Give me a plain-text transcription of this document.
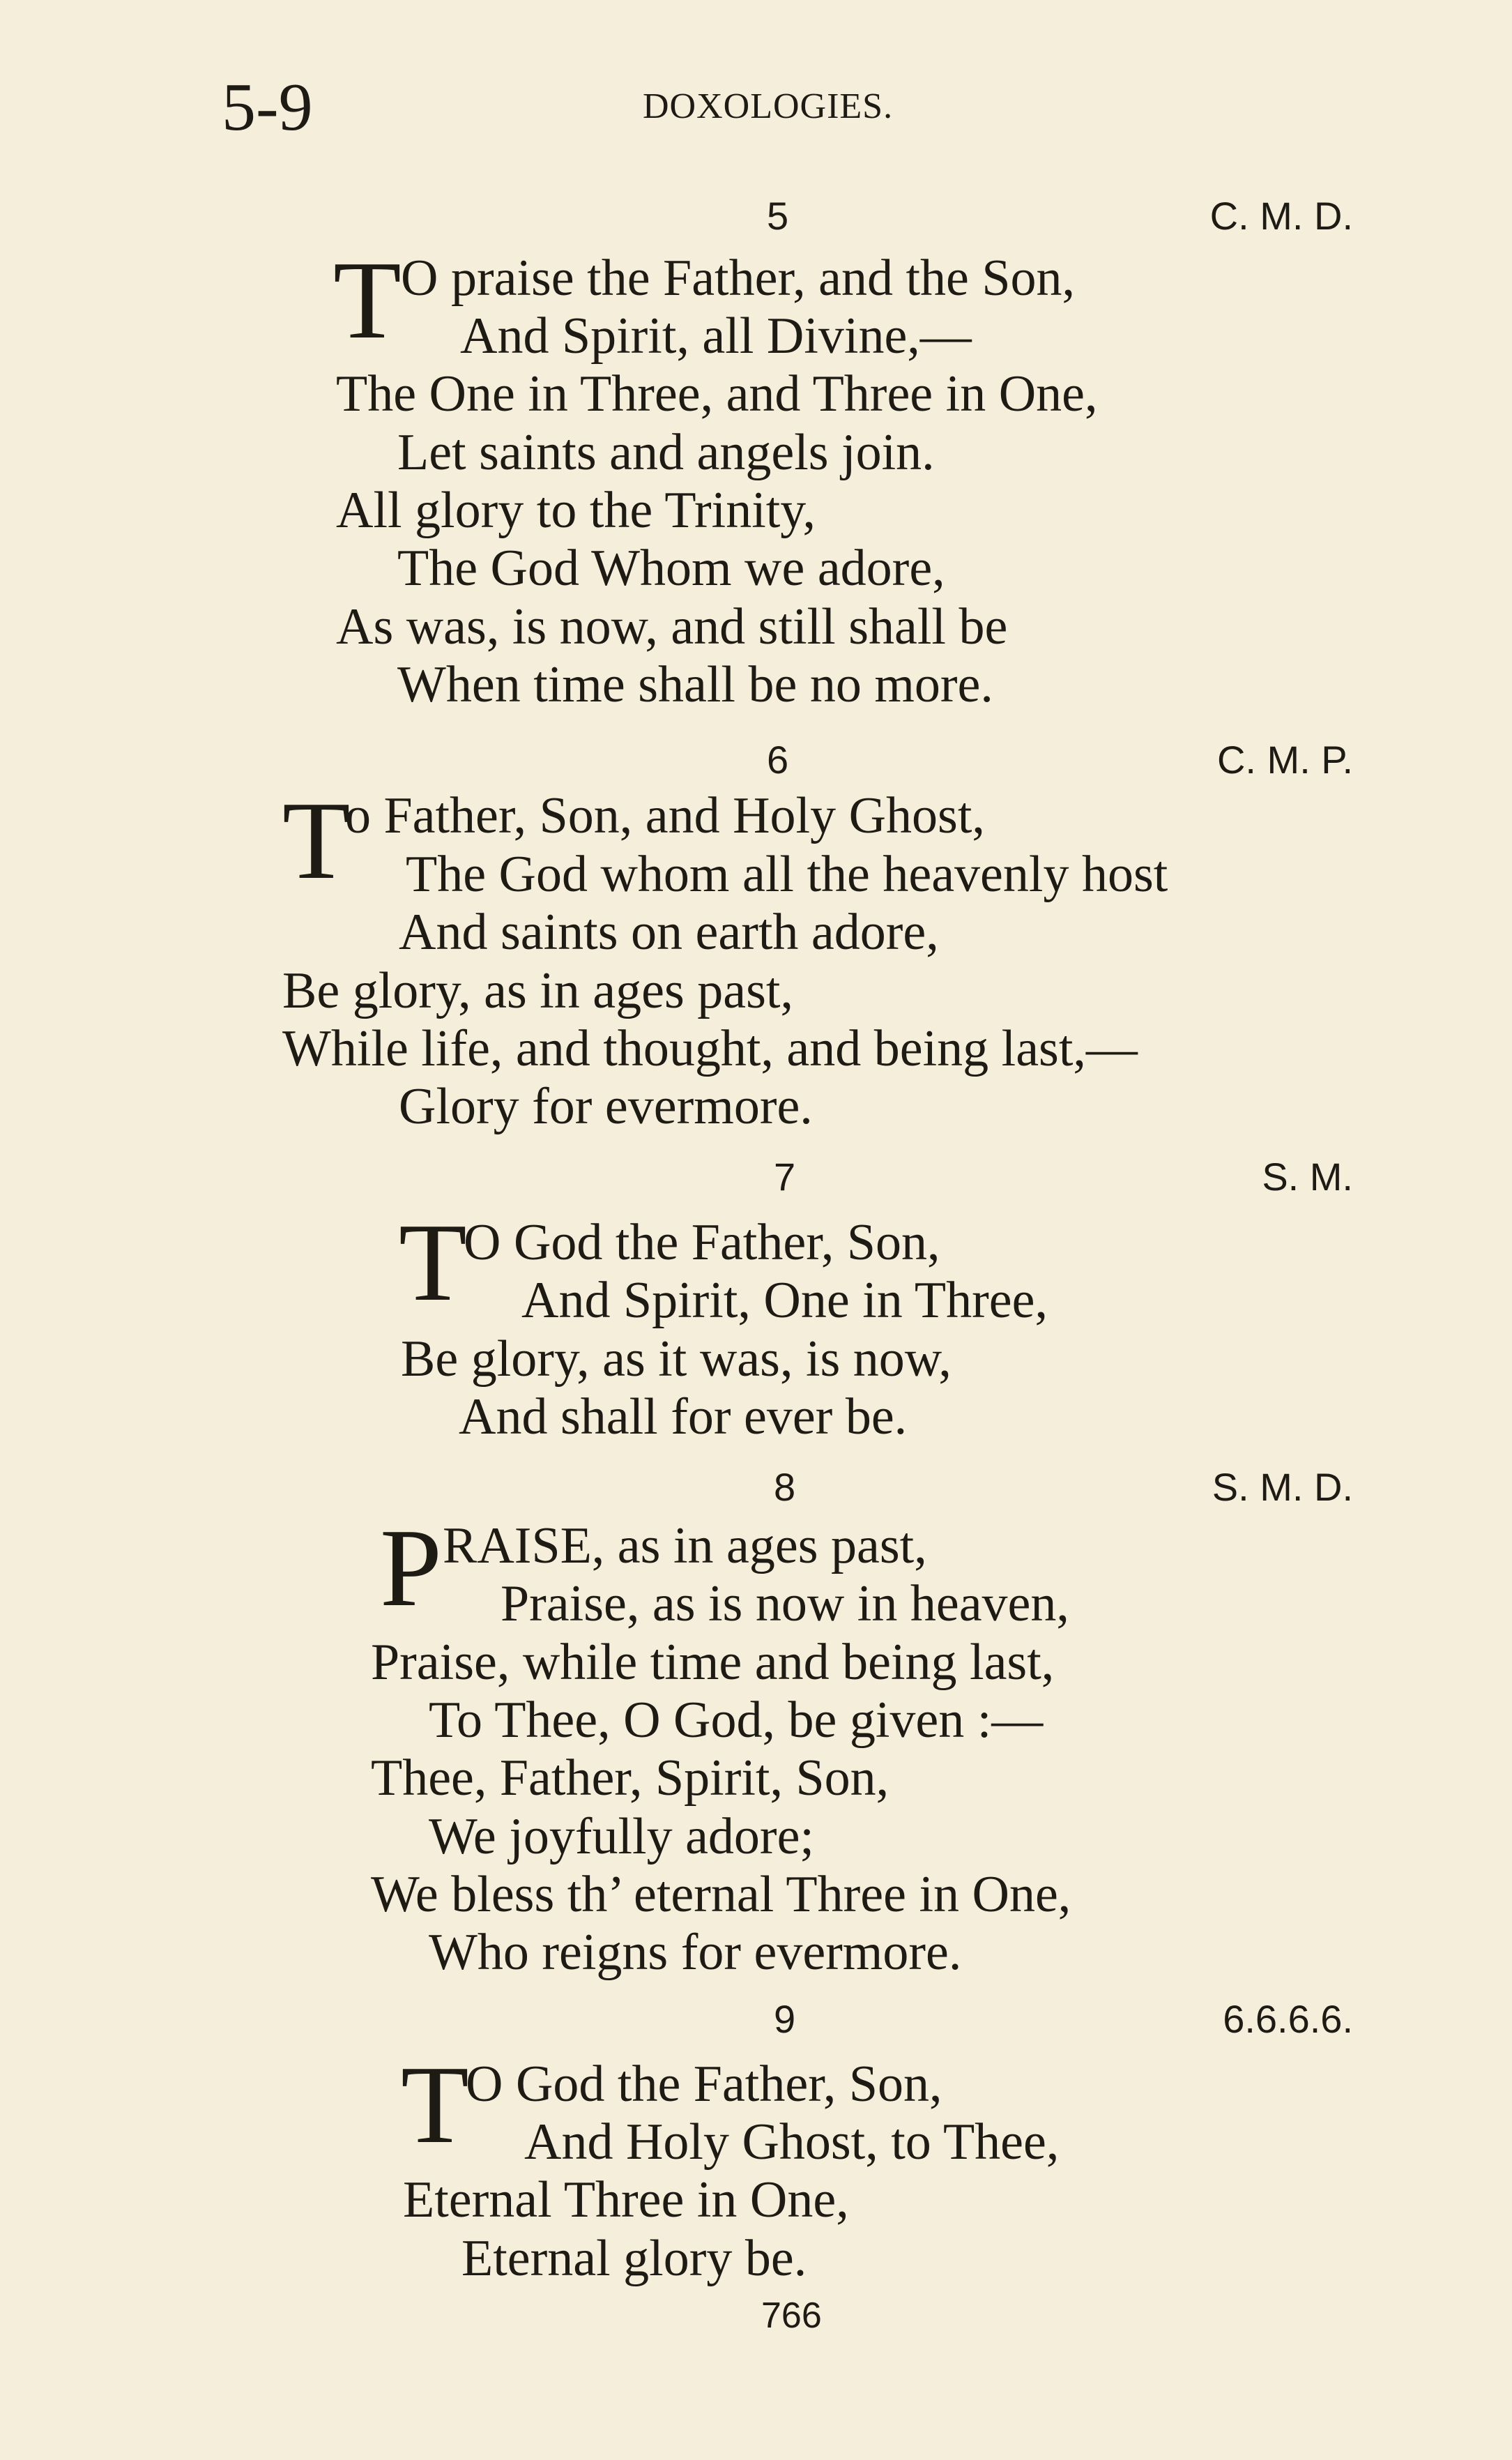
5-9	DOXOLOGIES.
5	C. M. D.
T O praise the Father, and the Son,
And Spirit, all Divine,—
The One in Three, and Three in One,
Let saints and angels join.
All glory to the Trinity,
The God Whom we adore,
As was, is now, and still shall be
When time shall be no more.
6	C. M. P.
T
o Father, Son, and Holy Ghost,
The God whom all the heavenly host
And saints on earth adore,
Be glory, as in ages past,
While life, and thought, and being last,—
Glory for evermore.
7	S. M.
T
O God the Father, Son,
And Spirit, One in Three,
Be glory, as it was, is now,
And shall for ever be.
8	S. M. D.
P RAISE, as in ages past,
Praise, as is now in heaven,
Praise, while time and being last,
To Thee, O God, be given :—
Thee, Father, Spirit, Son,
We joyfully adore;
We bless th’ eternal Three in One,
Who reigns for evermore.
9	6.6.6.6.
T
O God the Father, Son,
And Holy Ghost, to Thee,
Eternal Three in One,
Eternal glory be.
766
